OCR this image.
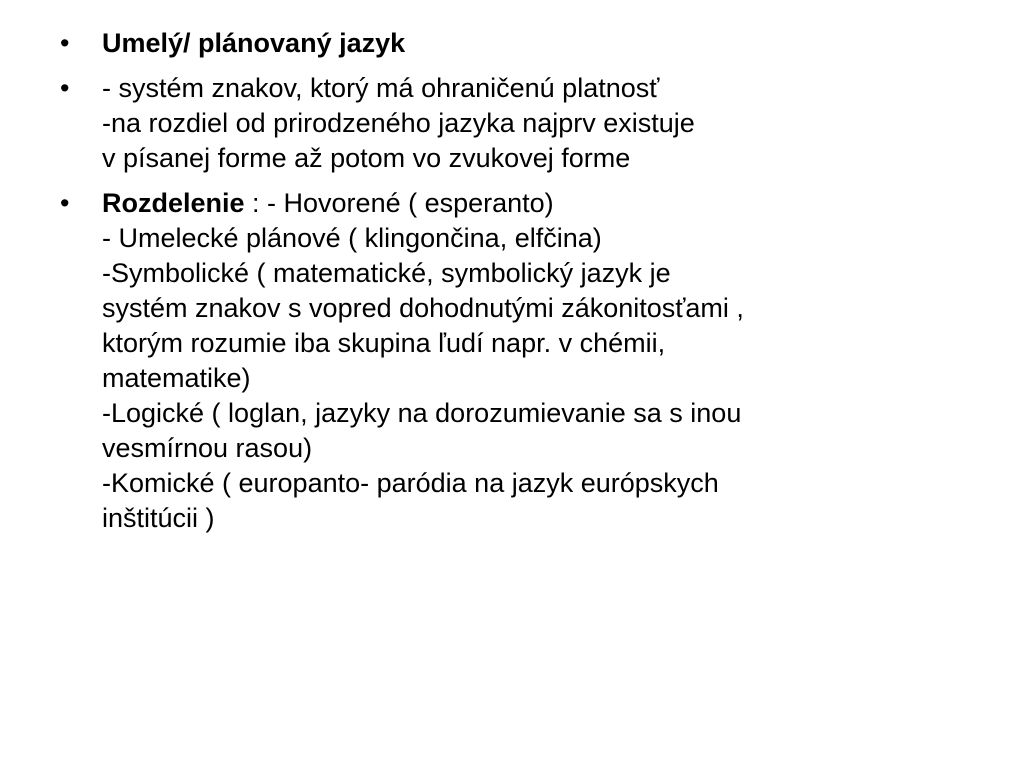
•	Umelý/ plánovaný jazyk
•	- systém znakov, ktorý má ohraničenú platnosť
-na rozdiel od prirodzeného jazyka najprv existuje
v písanej forme až potom vo zvukovej forme
•	Rozdelenie : - Hovorené ( esperanto)
- Umelecké plánové ( klingončina, elfčina)
-Symbolické ( matematické, symbolický jazyk je
systém znakov s vopred dohodnutými zákonitosťami ,
ktorým rozumie iba skupina ľudí napr. v chémii,
matematike)
-Logické ( loglan, jazyky na dorozumievanie sa s inou
vesmírnou rasou)
-Komické ( europanto- paródia na jazyk európskych
inštitúcii )
